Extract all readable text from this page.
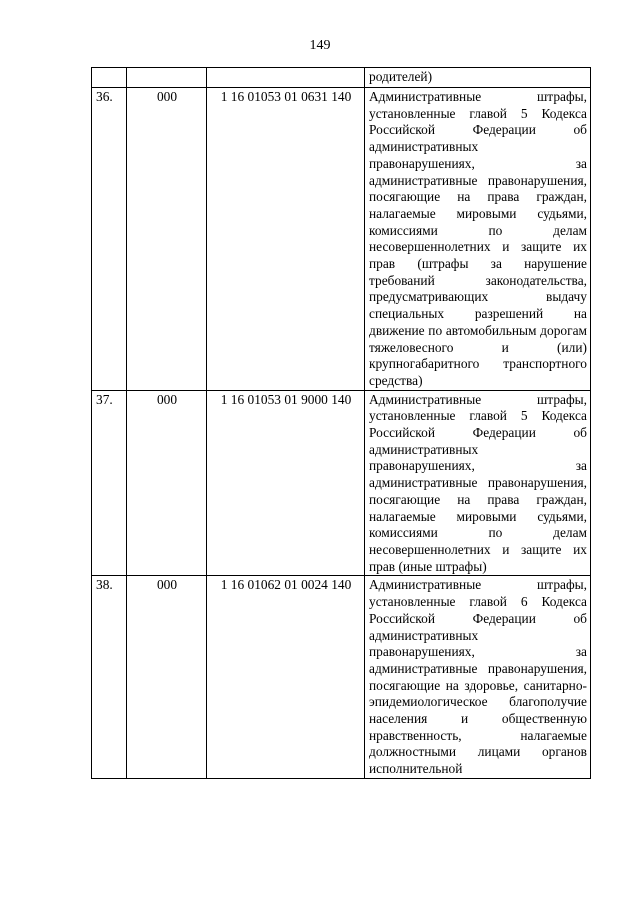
149
			родителей)
36.	000	1 16 01053 01 0631 140	Административные штрафы, установленные главой 5 Кодекса Российской Федерации об административных правонарушениях, за административные правонарушения, посягающие на права граждан, налагаемые мировыми судьями, комиссиями по делам несовершеннолетних и защите их прав (штрафы за нарушение требований законодательства, предусматривающих выдачу специальных разрешений на движение по автомобильным дорогам тяжеловесного и (или) крупногабаритного транспортного средства)
37.	000	1 16 01053 01 9000 140	Административные штрафы, установленные главой 5 Кодекса Российской Федерации об административных правонарушениях, за административные правонарушения, посягающие на права граждан, налагаемые мировыми судьями, комиссиями по делам несовершеннолетних и защите их прав (иные штрафы)
38.	000	1 16 01062 01 0024 140	Административные штрафы, установленные главой 6 Кодекса Российской Федерации об административных правонарушениях, за административные правонарушения, посягающие на здоровье, санитарно-эпидемиологическое благополучие населения и общественную нравственность, налагаемые должностными лицами органов исполнительной
